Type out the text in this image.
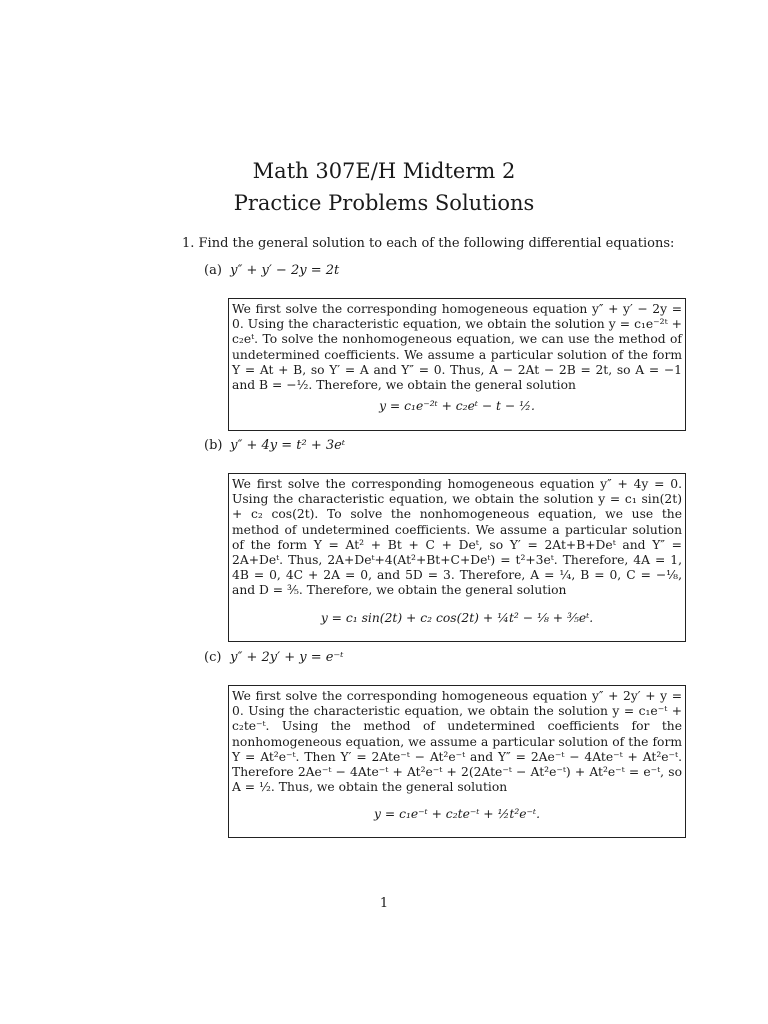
Math 307E/H Midterm 2
Practice Problems Solutions
1. Find the general solution to each of the following differential equations:
(a) y″ + y′ − 2y = 2t

We first solve the corresponding homogeneous equation y″ + y′ − 2y = 0. Using the characteristic equation, we obtain the solution y = c₁e⁻²ᵗ + c₂eᵗ. To solve the nonhomogeneous equation, we can use the method of undetermined coefficients. We assume a particular solution of the form Y = At + B, so Y′ = A and Y″ = 0. Thus, A − 2At − 2B = 2t, so A = −1 and B = −½. Therefore, we obtain the general solution

y = c₁e⁻²ᵗ + c₂eᵗ − t − ½.
(b) y″ + 4y = t² + 3eᵗ

We first solve the corresponding homogeneous equation y″ + 4y = 0. Using the characteristic equation, we obtain the solution y = c₁ sin(2t) + c₂ cos(2t). To solve the nonhomogeneous equation, we use the method of undetermined coefficients. We assume a particular solution of the form Y = At² + Bt + C + Deᵗ, so Y′ = 2At+B+Deᵗ and Y″ = 2A+Deᵗ. Thus, 2A+Deᵗ+4(At²+Bt+C+Deᵗ) = t²+3eᵗ. Therefore, 4A = 1, 4B = 0, 4C + 2A = 0, and 5D = 3. Therefore, A = ¼, B = 0, C = −⅛, and D = ³⁄₅. Therefore, we obtain the general solution

y = c₁ sin(2t) + c₂ cos(2t) + ¼t² − ⅛ + ³⁄₅eᵗ.
(c) y″ + 2y′ + y = e⁻ᵗ

We first solve the corresponding homogeneous equation y″ + 2y′ + y = 0. Using the characteristic equation, we obtain the solution y = c₁e⁻ᵗ + c₂te⁻ᵗ. Using the method of undetermined coefficients for the nonhomogeneous equation, we assume a particular solution of the form Y = At²e⁻ᵗ. Then Y′ = 2Ate⁻ᵗ − At²e⁻ᵗ and Y″ = 2Ae⁻ᵗ − 4Ate⁻ᵗ + At²e⁻ᵗ. Therefore 2Ae⁻ᵗ − 4Ate⁻ᵗ + At²e⁻ᵗ + 2(2Ate⁻ᵗ − At²e⁻ᵗ) + At²e⁻ᵗ = e⁻ᵗ, so A = ½. Thus, we obtain the general solution

y = c₁e⁻ᵗ + c₂te⁻ᵗ + ½t²e⁻ᵗ.
1
